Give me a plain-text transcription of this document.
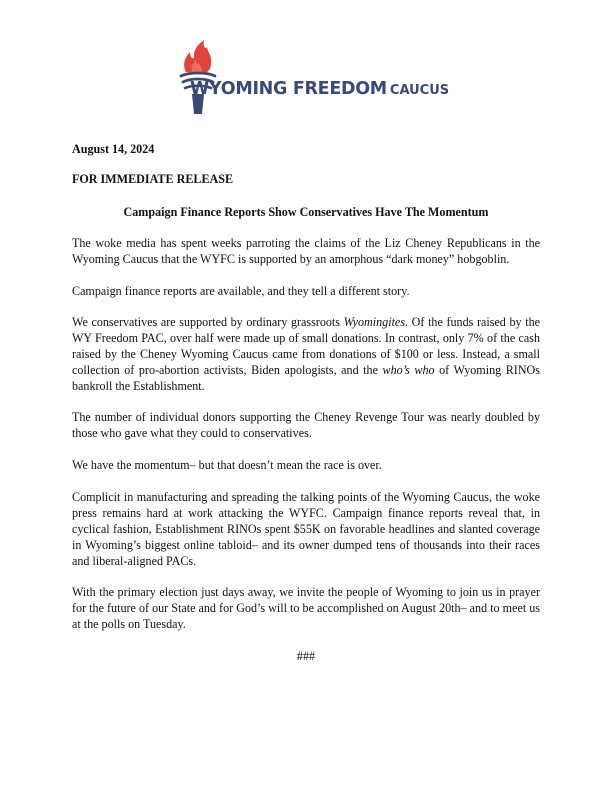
WYOMING FREEDOM CAUCUS
August 14, 2024
FOR IMMEDIATE RELEASE
Campaign Finance Reports Show Conservatives Have The Momentum
The woke media has spent weeks parroting the claims of the Liz Cheney Republicans in the Wyoming Caucus that the WYFC is supported by an amorphous “dark money” hobgoblin.
Campaign finance reports are available, and they tell a different story.
We conservatives are supported by ordinary grassroots Wyomingites. Of the funds raised by the WY Freedom PAC, over half were made up of small donations. In contrast, only 7% of the cash raised by the Cheney Wyoming Caucus came from donations of $100 or less. Instead, a small collection of pro-abortion activists, Biden apologists, and the who’s who of Wyoming RINOs bankroll the Establishment.
The number of individual donors supporting the Cheney Revenge Tour was nearly doubled by those who gave what they could to conservatives.
We have the momentum– but that doesn’t mean the race is over.
Complicit in manufacturing and spreading the talking points of the Wyoming Caucus, the woke press remains hard at work attacking the WYFC. Campaign finance reports reveal that, in cyclical fashion, Establishment RINOs spent $55K on favorable headlines and slanted coverage in Wyoming’s biggest online tabloid– and its owner dumped tens of thousands into their races and liberal-aligned PACs.
With the primary election just days away, we invite the people of Wyoming to join us in prayer for the future of our State and for God’s will to be accomplished on August 20th– and to meet us at the polls on Tuesday.
###
